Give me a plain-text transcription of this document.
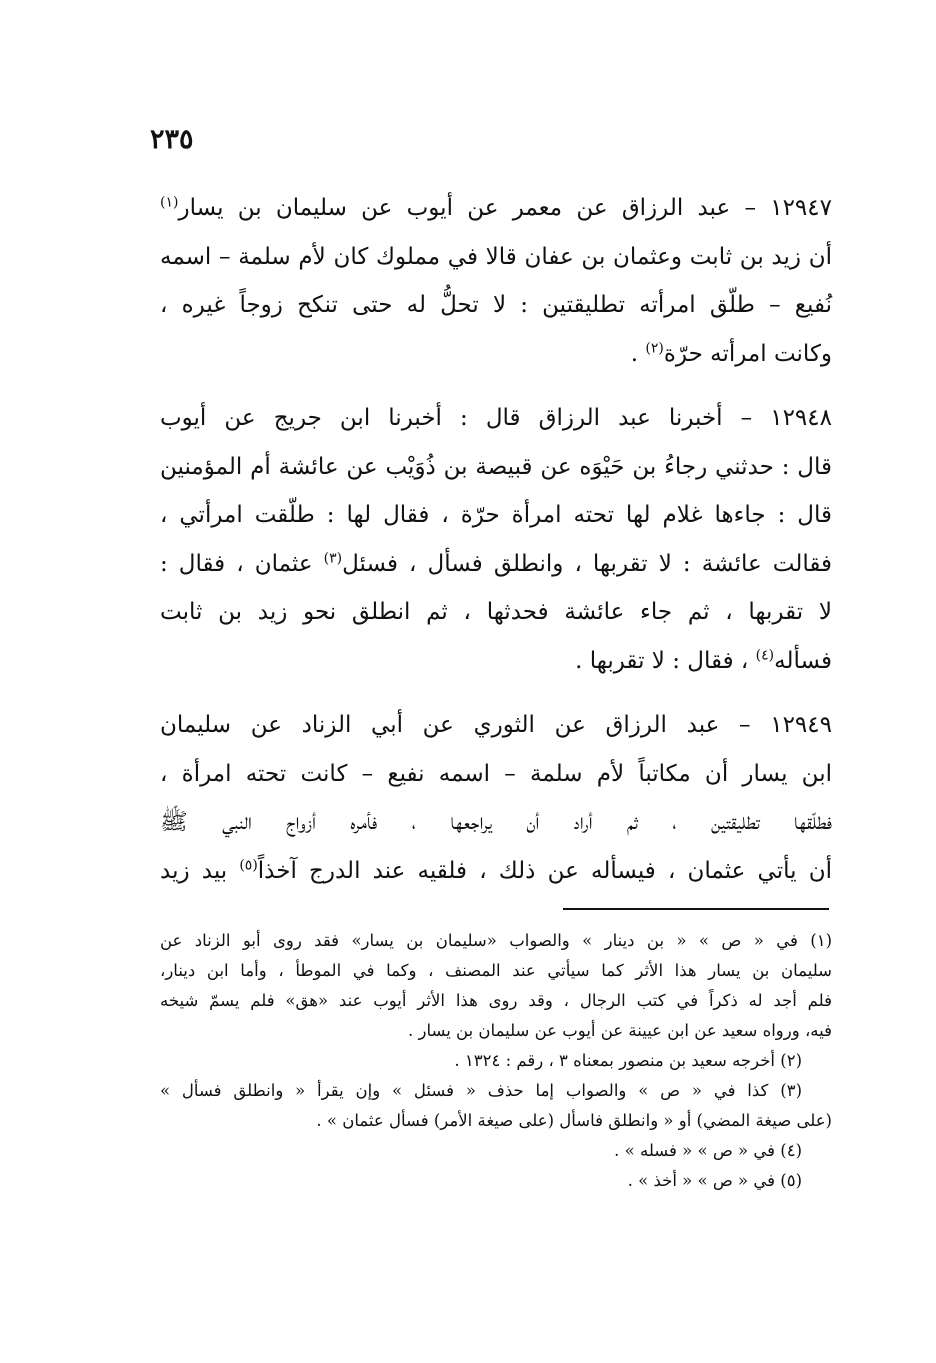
٢٣٥
١٢٩٤٧ – عبد الرزاق عن معمر عن أيوب عن سليمان بن يسار$^{(١)}$
أن زيد بن ثابت وعثمان بن عفان قالا في مملوك كان لأم سلمة – اسمه
نُفيع – طلّق امرأته تطليقتين : لا تحلُّ له حتى تنكح زوجاً غيره ،
وكانت امرأته حرّة$^{(٢)}$ .
١٢٩٤٨ – أخبرنا عبد الرزاق قال : أخبرنا ابن جريج عن أيوب
قال : حدثني رجاءُ بن حَيْوَه عن قبيصة بن ذُوَيْب عن عائشة أم المؤمنين
قال : جاءها غلام لها تحته امرأة حرّة ، فقال لها : طلّقت امرأتي ،
فقالت عائشة : لا تقربها ، وانطلق فسأل ، فسئل$^{(٣)}$ عثمان ، فقال :
لا تقربها ، ثم جاء عائشة فحدثها ، ثم انطلق نحو زيد بن ثابت
فسأله$^{(٤)}$ ، فقال : لا تقربها .
١٢٩٤٩ – عبد الرزاق عن الثوري عن أبي الزناد عن سليمان
ابن يسار أن مكاتباً لأم سلمة – اسمه نفيع – كانت تحته امرأة ،
فطلّقها تطليقتين ، ثم أراد أن يراجعها ، فأمره أزواج النبي ﷺ
أن يأتي عثمان ، فيسأله عن ذلك ، فلقيه عند الدرج آخذاً$^{(٥)}$ بيد زيد
(١) في « ص » « بن دينار » والصواب «سليمان بن يسار» فقد روى أبو الزناد عن
سليمان بن يسار هذا الأثر كما سيأتي عند المصنف ، وكما في الموطأ ، وأما ابن دينار،
فلم أجد له ذكراً في كتب الرجال ، وقد روى هذا الأثر أيوب عند «هق» فلم يسمّ شيخه
فيه، ورواه سعيد عن ابن عيينة عن أيوب عن سليمان بن يسار .
(٢) أخرجه سعيد بن منصور بمعناه ٣ ، رقم : ١٣٢٤ .
(٣) كذا في « ص » والصواب إما حذف « فسئل » وإن يقرأ « وانطلق فسأل »
(على صيغة المضي) أو « وانطلق فاسأل (على صيغة الأمر) فسأل عثمان » .
(٤) في « ص » « فسله » .
(٥) في « ص » « أخذ » .
